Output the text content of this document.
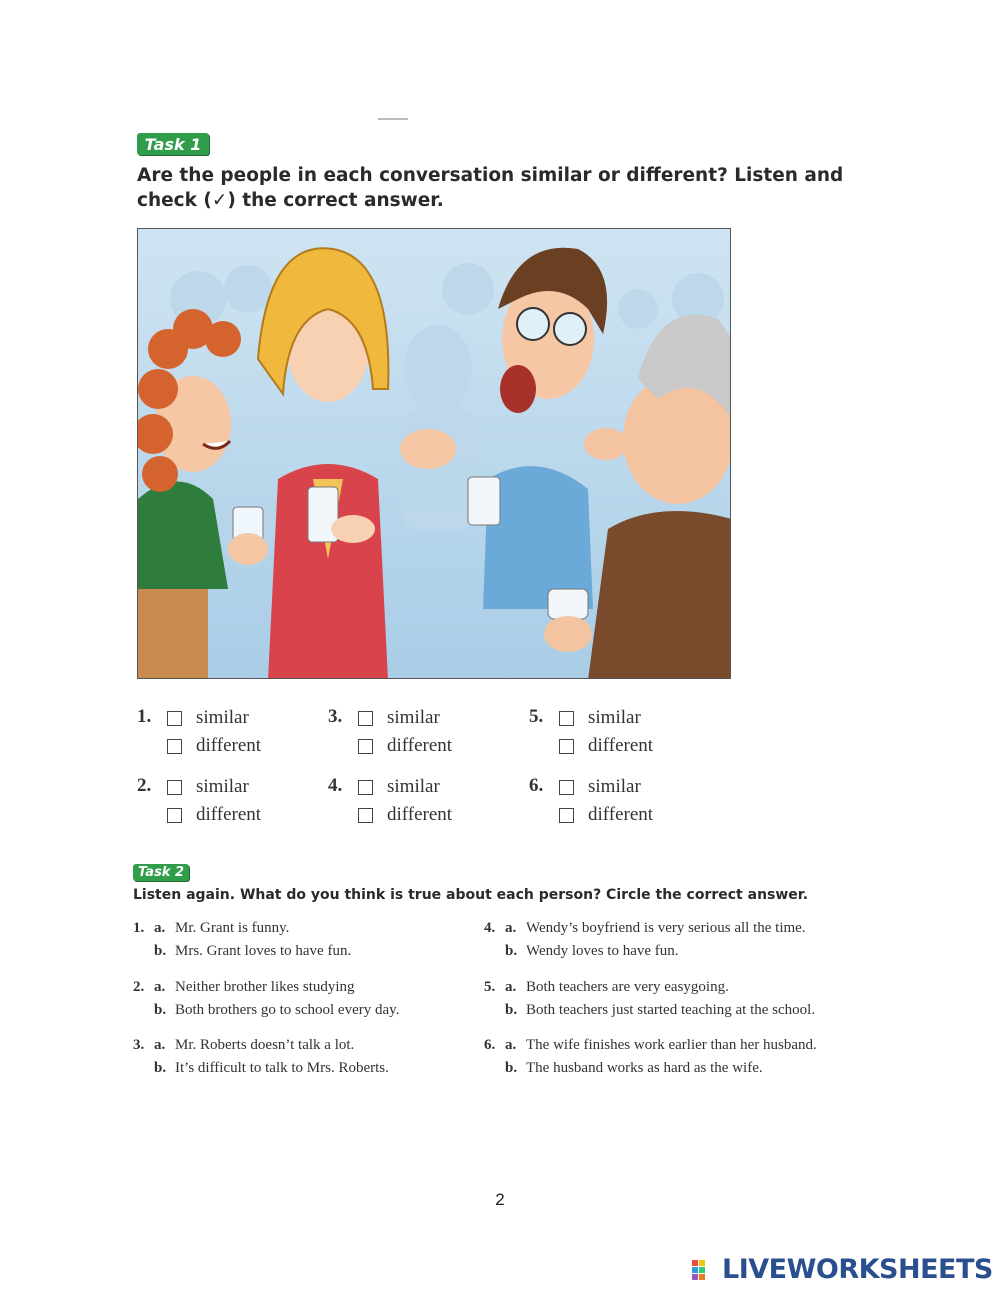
Task 1
Are the people in each conversation similar or different? Listen and check (✓) the correct answer.
1. similar
different
2. similar
different
3. similar
different
4. similar
different
5. similar
different
6. similar
different
Task 2
Listen again. What do you think is true about each person? Circle the correct answer.
1. a. Mr. Grant is funny.
b. Mrs. Grant loves to have fun.
2. a. Neither brother likes studying
b. Both brothers go to school every day.
3. a. Mr. Roberts doesn’t talk a lot.
b. It’s difficult to talk to Mrs. Roberts.
4. a. Wendy’s boyfriend is very serious all the time.
b. Wendy loves to have fun.
5. a. Both teachers are very easygoing.
b. Both teachers just started teaching at the school.
6. a. The wife finishes work earlier than her husband.
b. The husband works as hard as the wife.
2
LIVEWORKSHEETS
